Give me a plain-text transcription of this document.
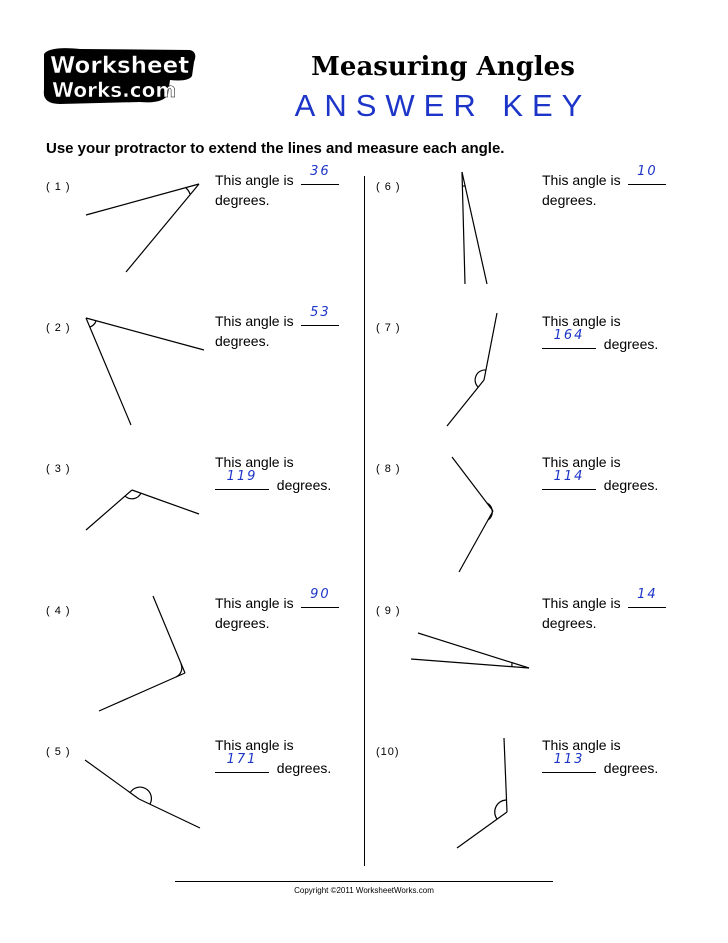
Worksheet
Works.com
Measuring Angles
ANSWER KEY
Use your protractor to extend the lines and measure each angle.
( 1 )
( 2 )
( 3 )
( 4 )
( 5 )
( 6 )
( 7 )
( 8 )
( 9 )
(10)
This angle is
36
degrees.
This angle is
53
degrees.
This angle is
119
degrees.
This angle is
90
degrees.
This angle is
171
degrees.
This angle is
10
degrees.
This angle is
164
degrees.
This angle is
114
degrees.
This angle is
14
degrees.
This angle is
113
degrees.
Copyright ©2011 WorksheetWorks.com
